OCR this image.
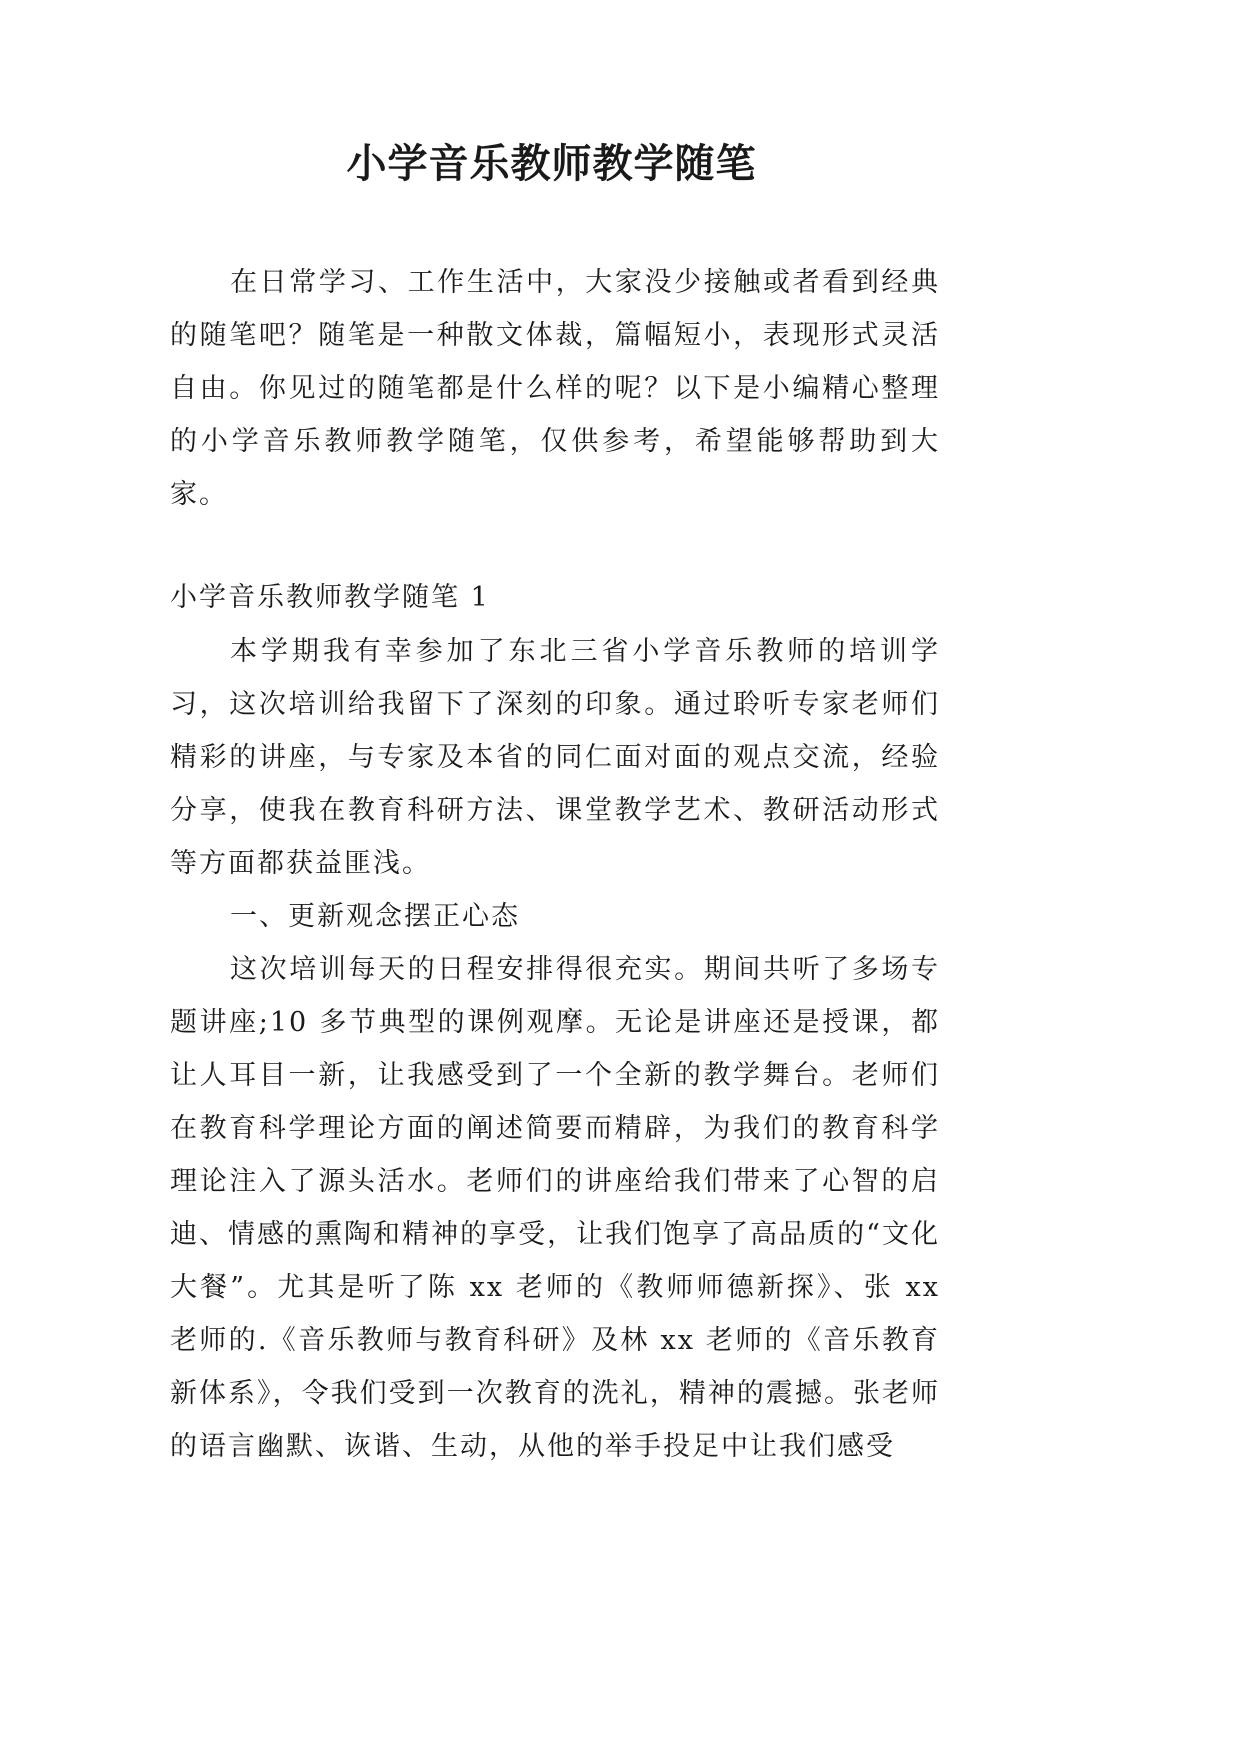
小学音乐教师教学随笔

在日常学习、工作生活中，大家没少接触或者看到经典的随笔吧？随笔是一种散文体裁，篇幅短小，表现形式灵活自由。你见过的随笔都是什么样的呢？以下是小编精心整理的小学音乐教师教学随笔，仅供参考，希望能够帮助到大家。

小学音乐教师教学随笔 1

本学期我有幸参加了东北三省小学音乐教师的培训学习，这次培训给我留下了深刻的印象。通过聆听专家老师们精彩的讲座，与专家及本省的同仁面对面的观点交流，经验分享，使我在教育科研方法、课堂教学艺术、教研活动形式等方面都获益匪浅。

一、更新观念摆正心态

这次培训每天的日程安排得很充实。期间共听了多场专题讲座;10 多节典型的课例观摩。无论是讲座还是授课，都让人耳目一新，让我感受到了一个全新的教学舞台。老师们在教育科学理论方面的阐述简要而精辟，为我们的教育科学理论注入了源头活水。老师们的讲座给我们带来了心智的启迪、情感的熏陶和精神的享受，让我们饱享了高品质的“文化大餐”。尤其是听了陈 xx 老师的《教师师德新探》、张 xx 老师的.《音乐教师与教育科研》及林 xx 老师的《音乐教育新体系》，令我们受到一次教育的洗礼，精神的震撼。张老师的语言幽默、诙谐、生动，从他的举手投足中让我们感受
